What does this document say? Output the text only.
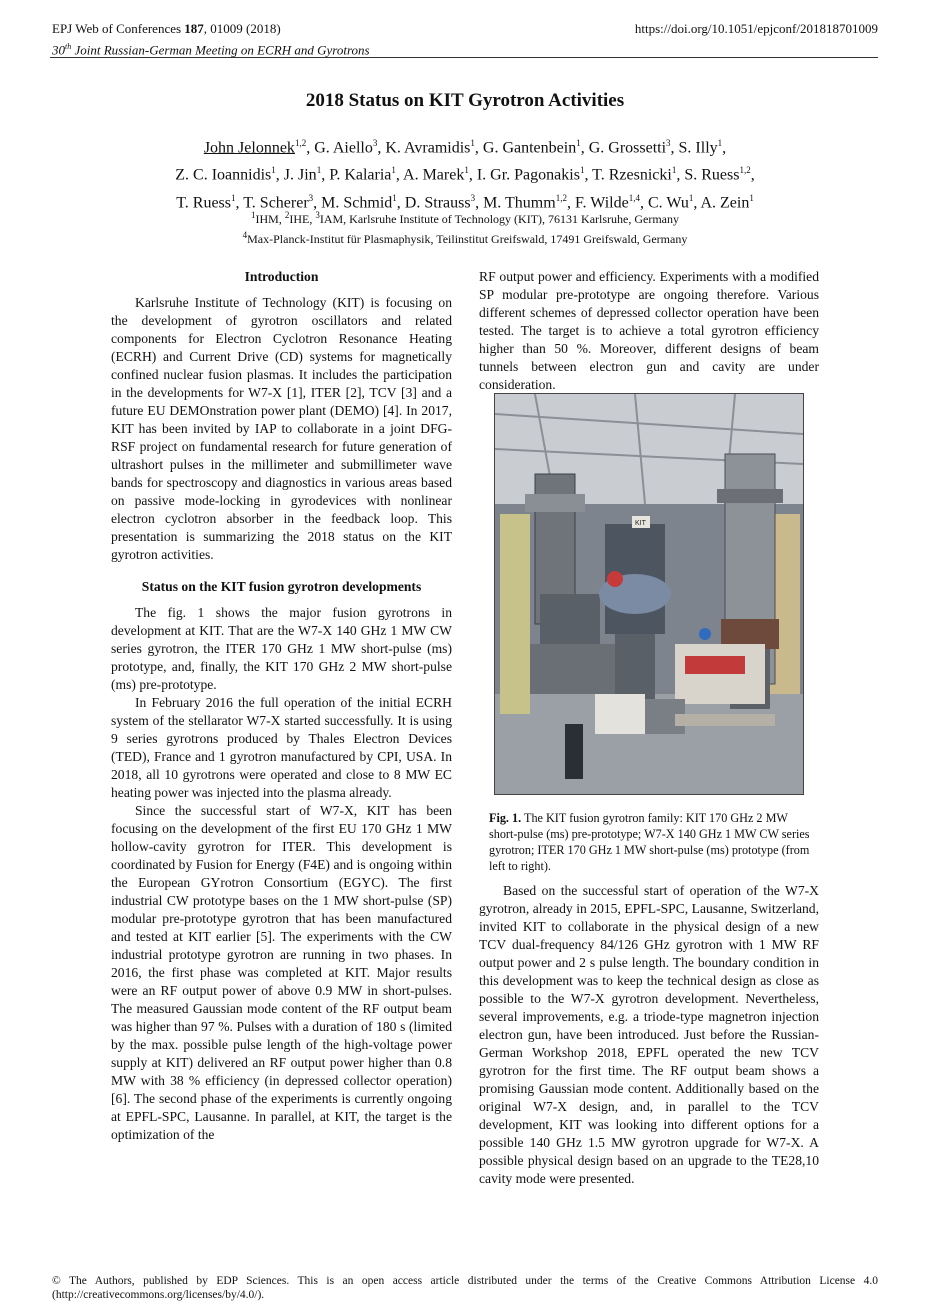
EPJ Web of Conferences 187, 01009 (2018)
30th Joint Russian-German Meeting on ECRH and Gyrotrons
https://doi.org/10.1051/epjconf/201818701009
2018 Status on KIT Gyrotron Activities
John Jelonnek$^{1,2}$, G. Aiello$^3$, K. Avramidis$^1$, G. Gantenbein$^1$, G. Grossetti$^3$, S. Illy$^1$,
Z. C. Ioannidis$^1$, J. Jin$^1$, P. Kalaria$^1$, A. Marek$^1$, I. Gr. Pagonakis$^1$, T. Rzesnicki$^1$, S. Ruess$^{1,2}$,
T. Ruess$^1$, T. Scherer$^3$, M. Schmid$^1$, D. Strauss$^3$, M. Thumm$^{1,2}$, F. Wilde$^{1,4}$, C. Wu$^1$, A. Zein$^1$
$^1$IHM, $^2$IHE, $^3$IAM, Karlsruhe Institute of Technology (KIT), 76131 Karlsruhe, Germany
$^4$Max-Planck-Institut für Plasmaphysik, Teilinstitut Greifswald, 17491 Greifswald, Germany
Introduction

Karlsruhe Institute of Technology (KIT) is focusing on the development of gyrotron oscillators and related components for Electron Cyclotron Resonance Heating (ECRH) and Current Drive (CD) systems for magnetically confined nuclear fusion plasmas. It includes the participation in the developments for W7-X [1], ITER [2], TCV [3] and a future EU DEMOnstration power plant (DEMO) [4]. In 2017, KIT has been invited by IAP to collaborate in a joint DFG-RSF project on fundamental research for future generation of ultrashort pulses in the millimeter and submillimeter wave bands for spectroscopy and diagnostics in various areas based on passive mode-locking in gyrodevices with nonlinear electron cyclotron absorber in the feedback loop. This presentation is summarizing the 2018 status on the KIT gyrotron activities.

Status on the KIT fusion gyrotron developments

The fig. 1 shows the major fusion gyrotrons in development at KIT. That are the W7-X 140 GHz 1 MW CW series gyrotron, the ITER 170 GHz 1 MW short-pulse (ms) prototype, and, finally, the KIT 170 GHz 2 MW short-pulse (ms) pre-prototype.

In February 2016 the full operation of the initial ECRH system of the stellarator W7-X started successfully. It is using 9 series gyrotrons produced by Thales Electron Devices (TED), France and 1 gyrotron manufactured by CPI, USA. In 2018, all 10 gyrotrons were operated and close to 8 MW EC heating power was injected into the plasma already.

Since the successful start of W7-X, KIT has been focusing on the development of the first EU 170 GHz 1 MW hollow-cavity gyrotron for ITER. This development is coordinated by Fusion for Energy (F4E) and is ongoing within the European GYrotron Consortium (EGYC). The first industrial CW prototype bases on the 1 MW short-pulse (SP) modular pre-prototype gyrotron that has been manufactured and tested at KIT earlier [5]. The experiments with the CW industrial prototype gyrotron are running in two phases. In 2016, the first phase was completed at KIT. Major results were an RF output power of above 0.9 MW in short-pulses. The measured Gaussian mode content of the RF output beam was higher than 97 %. Pulses with a duration of 180 s (limited by the max. possible pulse length of the high-voltage power supply at KIT) delivered an RF output power higher than 0.8 MW with 38 % efficiency (in depressed collector operation) [6]. The second phase of the experiments is currently ongoing at EPFL-SPC, Lausanne. In parallel, at KIT, the target is the optimization of the

RF output power and efficiency. Experiments with a modified SP modular pre-prototype are ongoing therefore. Various different schemes of depressed collector operation have been tested. The target is to achieve a total gyrotron efficiency higher than 50 %. Moreover, different designs of beam tunnels between electron gun and cavity are under consideration.

KIT
Fig. 1. The KIT fusion gyrotron family: KIT 170 GHz 2 MW short-pulse (ms) pre-prototype; W7-X 140 GHz 1 MW CW series gyrotron; ITER 170 GHz 1 MW short-pulse (ms) prototype (from left to right).

Based on the successful start of operation of the W7-X gyrotron, already in 2015, EPFL-SPC, Lausanne, Switzerland, invited KIT to collaborate in the physical design of a new TCV dual-frequency 84/126 GHz gyrotron with 1 MW RF output power and 2 s pulse length. The boundary condition in this development was to keep the technical design as close as possible to the W7-X gyrotron development. Nevertheless, several improvements, e.g. a triode-type magnetron injection electron gun, have been introduced. Just before the Russian-German Workshop 2018, EPFL operated the new TCV gyrotron for the first time. The RF output beam shows a promising Gaussian mode content. Additionally based on the original W7-X design, and, in parallel to the TCV development, KIT was looking into different options for a possible 140 GHz 1.5 MW gyrotron upgrade for W7-X. A possible physical design based on an upgrade to the TE28,10 cavity mode were presented.

© The Authors, published by EDP Sciences. This is an open access article distributed under the terms of the Creative Commons Attribution License 4.0 (http://creativecommons.org/licenses/by/4.0/).
